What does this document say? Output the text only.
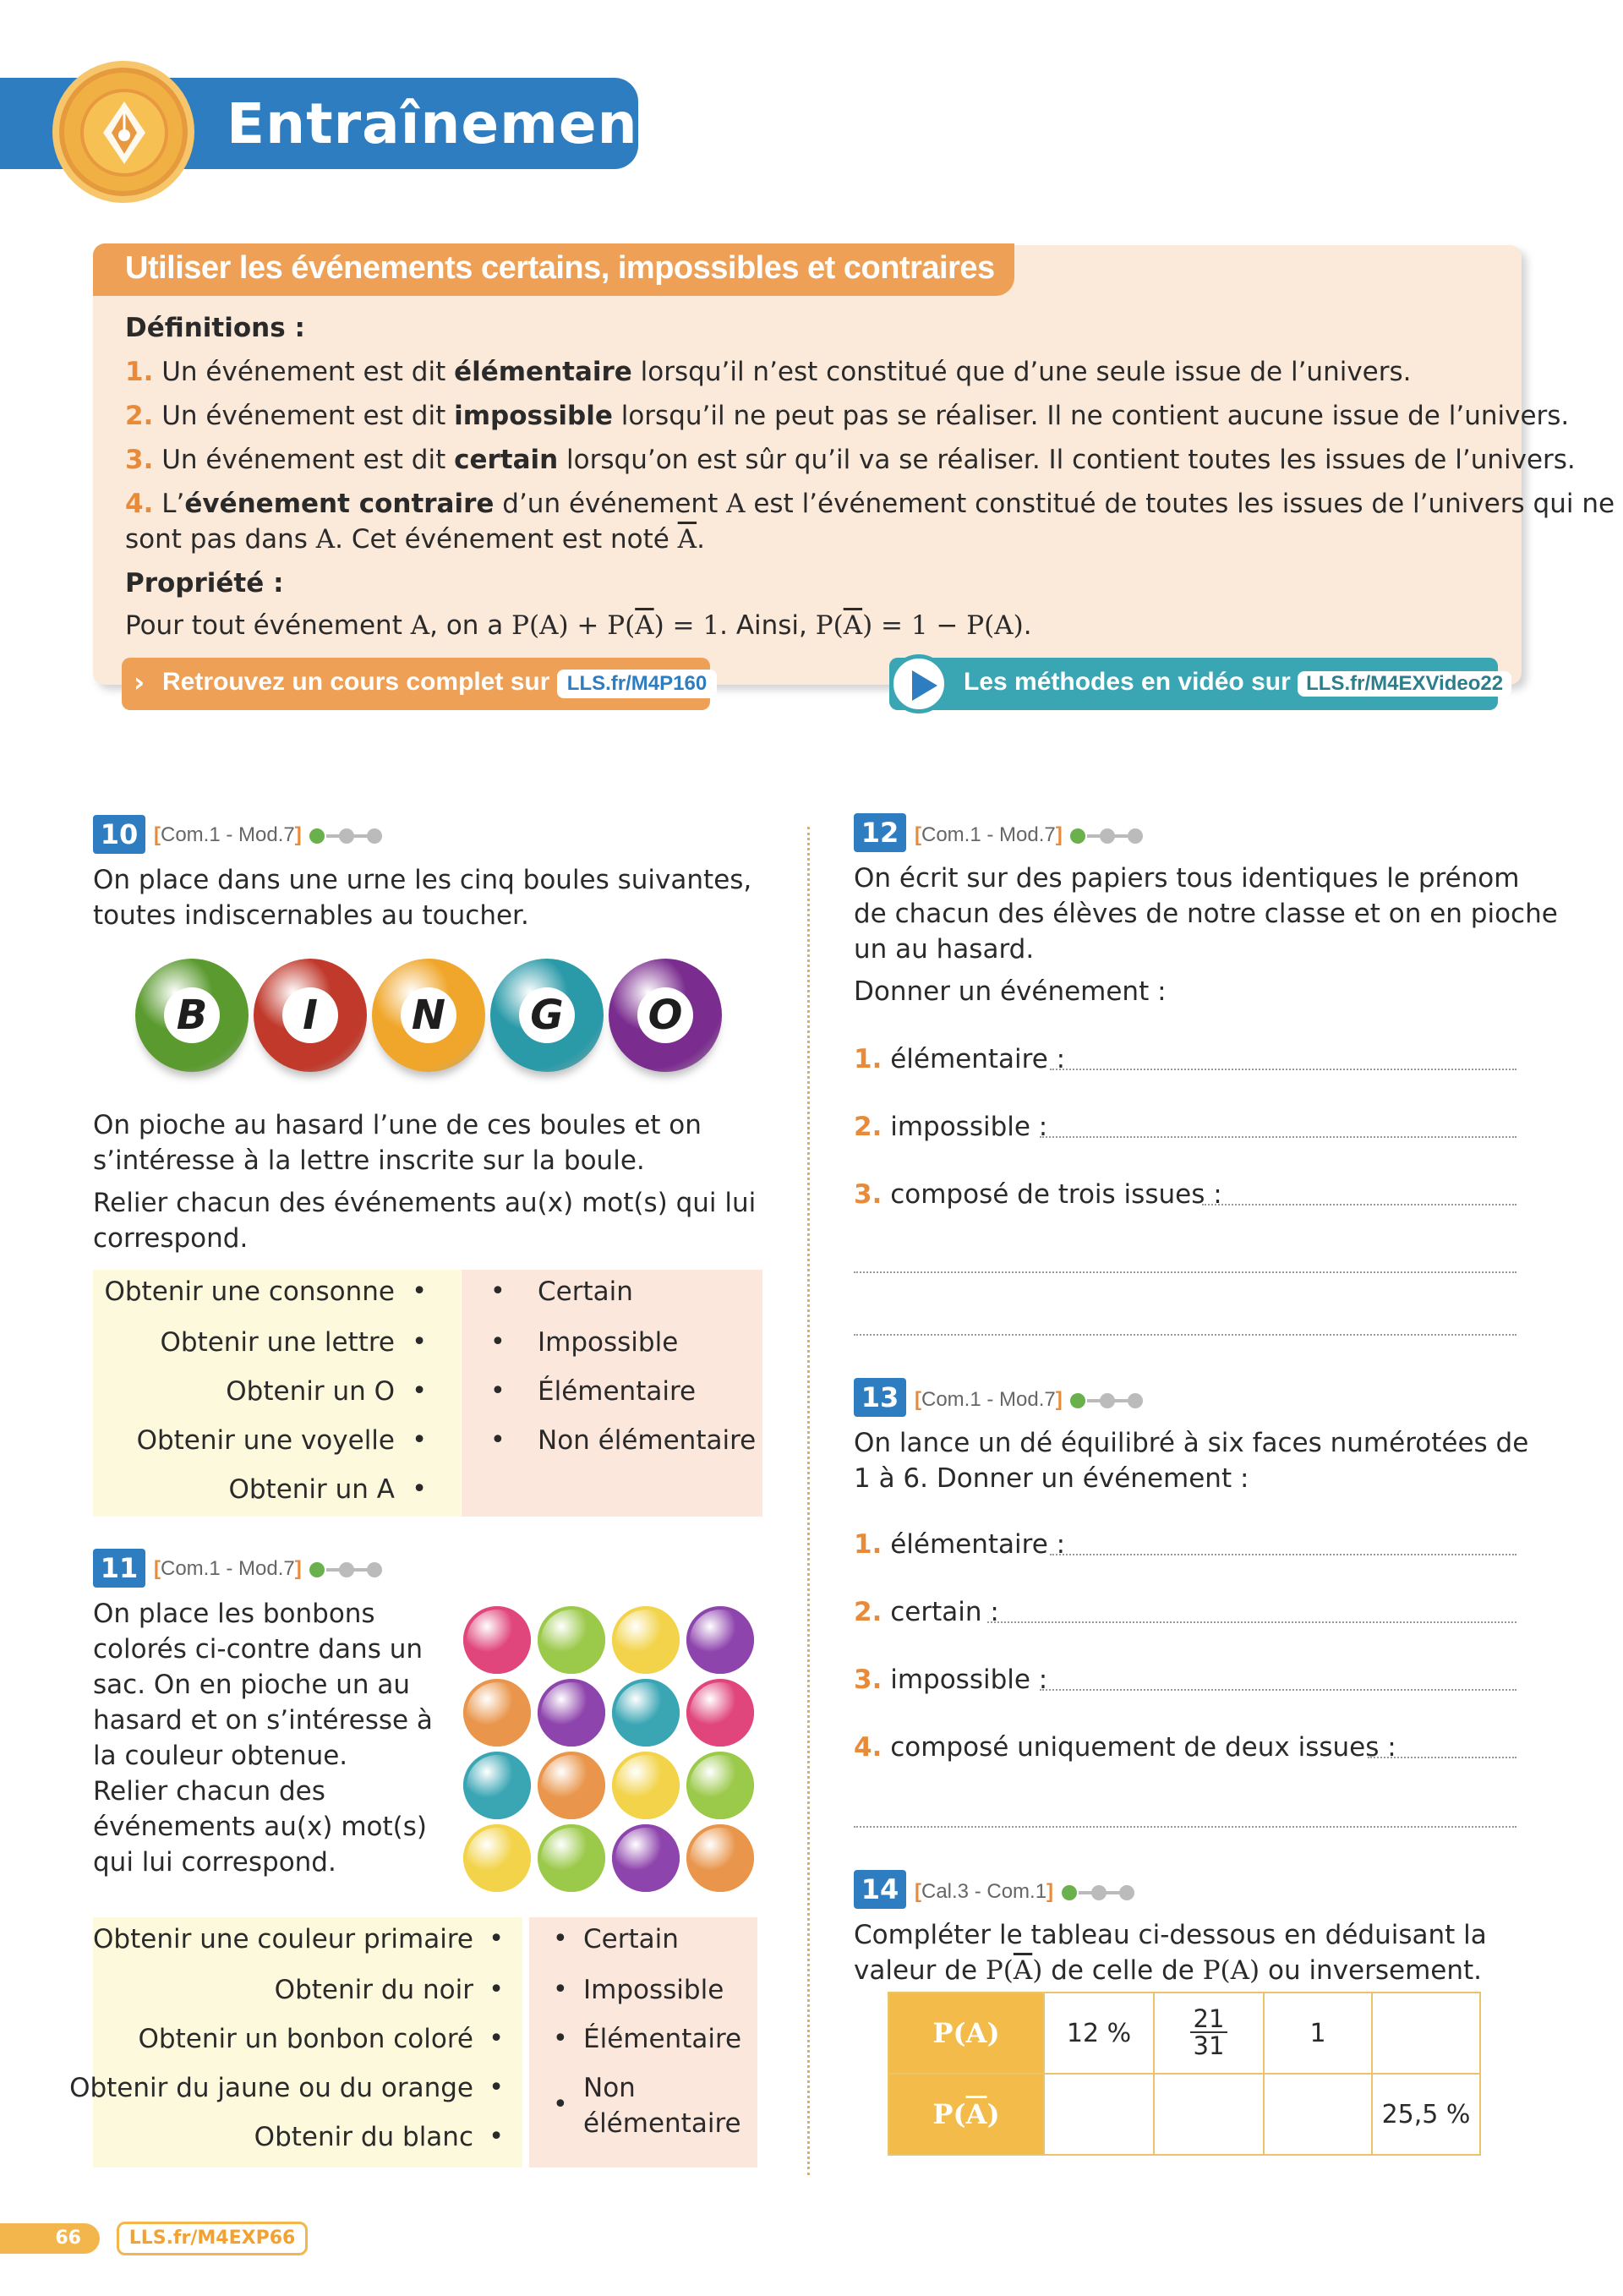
Entraînement
Utiliser les événements certains, impossibles et contraires
Définitions :
1. Un événement est dit élémentaire lorsqu’il n’est constitué que d’une seule issue de l’univers.
2. Un événement est dit impossible lorsqu’il ne peut pas se réaliser. Il ne contient aucune issue de l’univers.
3. Un événement est dit certain lorsqu’on est sûr qu’il va se réaliser. Il contient toutes les issues de l’univers.
4. L’événement contraire d’un événement A est l’événement constitué de toutes les issues de l’univers qui ne
sont pas dans A. Cet événement est noté $\overline{A}$.
Propriété :
Pour tout événement A, on a $P(A) + P(\overline{A}) = 1$. Ainsi, $P(\overline{A}) = 1 - P(A)$.
› Retrouvez un cours complet sur LLS.fr/M4P160	Les méthodes en vidéo sur LLS.fr/M4EXVideo22
10 [Com.1 - Mod.7]
On place dans une urne les cinq boules suivantes,
toutes indiscernables au toucher.
B	I	N G O
On pioche au hasard l’une de ces boules et on
s’intéresse à la lettre inscrite sur la boule.
Relier chacun des événements au(x) mot(s) qui lui
correspond.
Obtenir une consonne
Obtenir une lettre
Obtenir un O
Obtenir une voyelle
Obtenir un A
•
•
•
•
•
•
•
•
•
Certain
Impossible
Élémentaire
Non élémentaire
11 [Com.1 - Mod.7]
On place les bonbons
colorés ci-contre dans un
sac. On en pioche un au
hasard et on s’intéresse à
la couleur obtenue.
Relier chacun des
événements au(x) mot(s)
qui lui correspond.
Obtenir une couleur primaire
Obtenir du noir
Obtenir un bonbon coloré
Obtenir du jaune ou du orange
Obtenir du blanc
•
•
•
•
•
•
•
•
•
Certain
Impossible
Élémentaire
Non
élémentaire
12 [Com.1 - Mod.7]
On écrit sur des papiers tous identiques le prénom
de chacun des élèves de notre classe et on en pioche
un au hasard.
Donner un événement :
1. élémentaire :
2. impossible :
3. composé de trois issues :
13 [Com.1 - Mod.7]
On lance un dé équilibré à six faces numérotées de
1 à 6. Donner un événement :
1. élémentaire :
2. certain :
3. impossible :
4. composé uniquement de deux issues :
14 [Cal.3 - Com.1]
Compléter le tableau ci-dessous en déduisant la
valeur de $P(\overline{A})$ de celle de P(A) ou inversement.
P(A)	12 %	$\frac{21}{31}$	1	
$P(\overline{A})$				25,5 %
66	LLS.fr/M4EXP66
